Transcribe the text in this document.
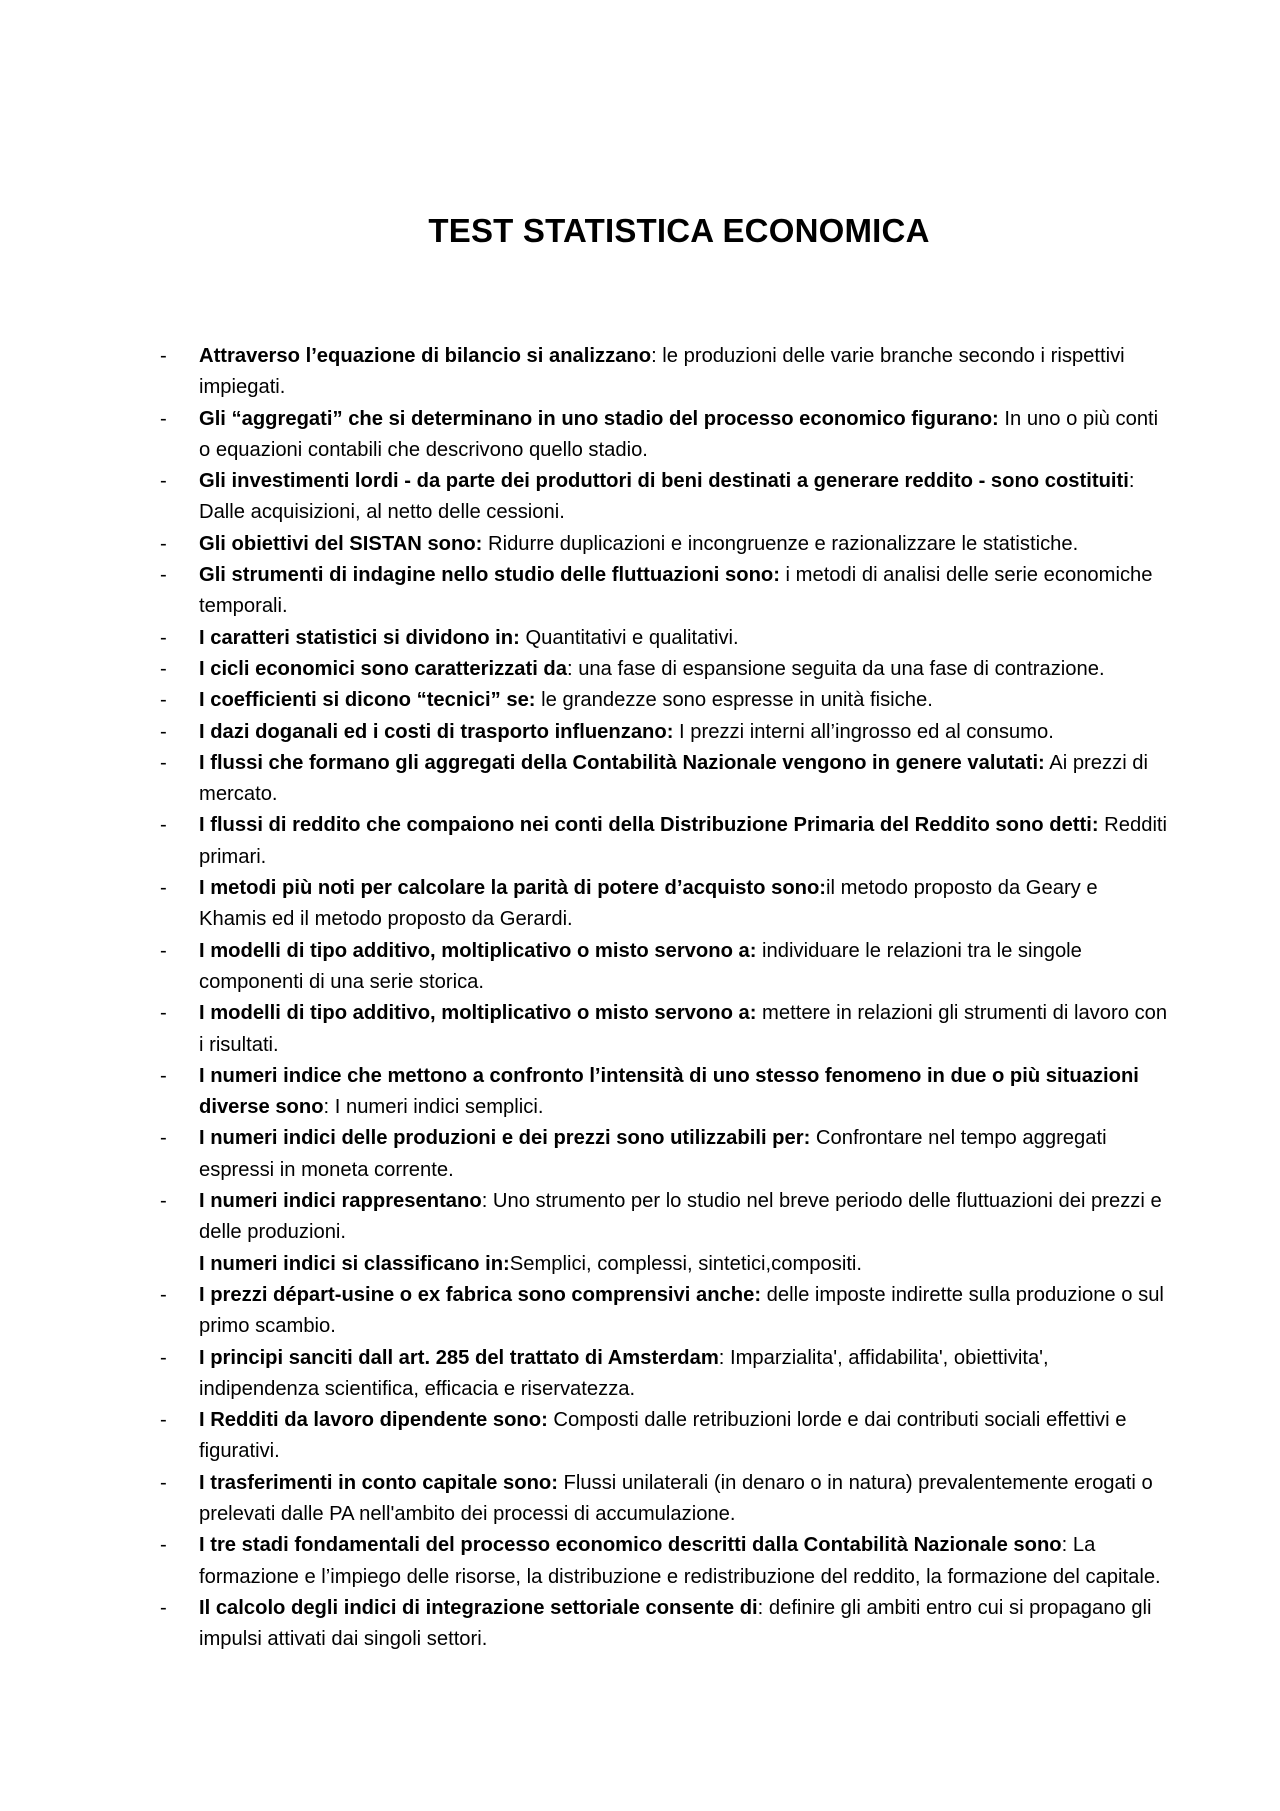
TEST STATISTICA ECONOMICA
-	Attraverso l’equazione di bilancio si analizzano: le produzioni delle varie branche secondo i rispettivi impiegati.
-	Gli “aggregati” che si determinano in uno stadio del processo economico figurano: In uno o più conti o equazioni contabili che descrivono quello stadio.
-	Gli investimenti lordi - da parte dei produttori di beni destinati a generare reddito - sono costituiti: Dalle acquisizioni, al netto delle cessioni.
-	Gli obiettivi del SISTAN sono: Ridurre duplicazioni e incongruenze e razionalizzare le statistiche.
-	Gli strumenti di indagine nello studio delle fluttuazioni sono: i metodi di analisi delle serie economiche temporali.
-	I caratteri statistici si dividono in: Quantitativi e qualitativi.
-	I cicli economici sono caratterizzati da: una fase di espansione seguita da una fase di contrazione.
-	I coefficienti si dicono “tecnici” se: le grandezze sono espresse in unità fisiche.
-	I dazi doganali ed i costi di trasporto influenzano: I prezzi interni all’ingrosso ed al consumo.
-	I flussi che formano gli aggregati della Contabilità Nazionale vengono in genere valutati: Ai prezzi di mercato.
-	I flussi di reddito che compaiono nei conti della Distribuzione Primaria del Reddito sono detti: Redditi primari.
-	I metodi più noti per calcolare la parità di potere d’acquisto sono:il metodo proposto da Geary e Khamis ed il metodo proposto da Gerardi.
-	I modelli di tipo additivo, moltiplicativo o misto servono a: individuare le relazioni tra le singole componenti di una serie storica.
-	I modelli di tipo additivo, moltiplicativo o misto servono a: mettere in relazioni gli strumenti di lavoro con i risultati.
-	I numeri indice che mettono a confronto l’intensità di uno stesso fenomeno in due o più situazioni diverse sono: I numeri indici semplici.
-	I numeri indici delle produzioni e dei prezzi sono utilizzabili per: Confrontare nel tempo aggregati espressi in moneta corrente.
-	I numeri indici rappresentano: Uno strumento per lo studio nel breve periodo delle fluttuazioni dei prezzi e delle produzioni.
I numeri indici si classificano in:Semplici, complessi, sintetici,compositi.
-	I prezzi départ-usine o ex fabrica sono comprensivi anche: delle imposte indirette sulla produzione o sul primo scambio.
-	I principi sanciti dall art. 285 del trattato di Amsterdam: Imparzialita', affidabilita', obiettivita', indipendenza scientifica, efficacia e riservatezza.
-	I Redditi da lavoro dipendente sono: Composti dalle retribuzioni lorde e dai contributi sociali effettivi e figurativi.
-	I trasferimenti in conto capitale sono: Flussi unilaterali (in denaro o in natura) prevalentemente erogati o prelevati dalle PA nell'ambito dei processi di accumulazione.
-	I tre stadi fondamentali del processo economico descritti dalla Contabilità Nazionale sono: La formazione e l’impiego delle risorse, la distribuzione e redistribuzione del reddito, la formazione del capitale.
-	Il calcolo degli indici di integrazione settoriale consente di: definire gli ambiti entro cui si propagano gli impulsi attivati dai singoli settori.
